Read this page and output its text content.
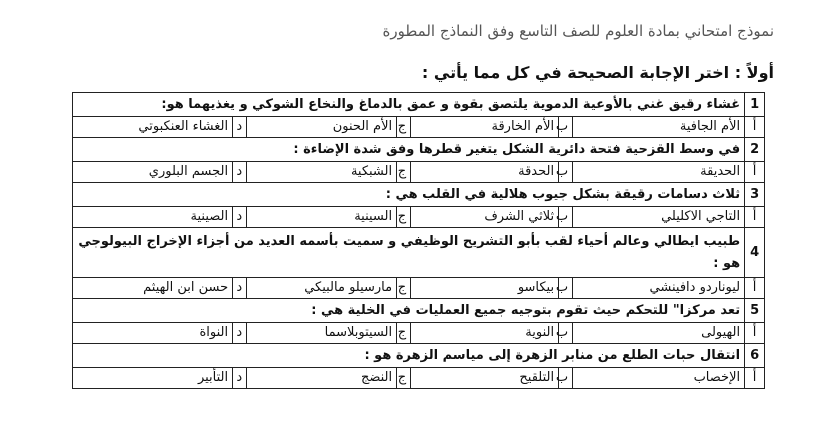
نموذج امتحاني بمادة العلوم للصف التاسع وفق النماذج المطورة
أولاً : اختر الإجابة الصحيحة في كل مما يأتي :
1	غشاء رقيق غني بالأوعية الدموية يلتصق بقوة و عمق بالدماغ والنخاع الشوكي و يغذيهما هو:						
أ	الأم الجافية	ب	الأم الخارقة	ج	الأم الحنون	د	الغشاء العنكبوتي
2	في وسط القزحية فتحة دائرية الشكل يتغير قطرها وفق شدة الإضاءة :						
أ	الحديقة	ب	الحدقة	ج	الشبكية	د	الجسم البلوري
3	ثلاث دسامات رقيقة بشكل جيوب هلالية في القلب هي :						
أ	التاجي الاكليلي	ب	ثلاثي الشرف	ج	السينية	د	الصينية
4	طبيب ايطالي وعالم أحياء لقب بأبو التشريح الوظيفي و سميت بأسمه العديد من أجزاء الإخراج البيولوجي هو :						
أ	ليوناردو دافينشي	ب	بيكاسو	ج	مارسيلو مالبيكي	د	حسن ابن الهيثم
5	تعد مركزا" للتحكم حيث تقوم بتوجيه جميع العمليات في الخلية هي :						
أ	الهيولى	ب	النوية	ج	السيتوبلاسما	د	النواة
6	انتقال حبات الطلع من منابر الزهرة إلى مياسم الزهرة هو :						
أ	الإخصاب	ب	التلقيح	ج	النضج	د	التأبير
